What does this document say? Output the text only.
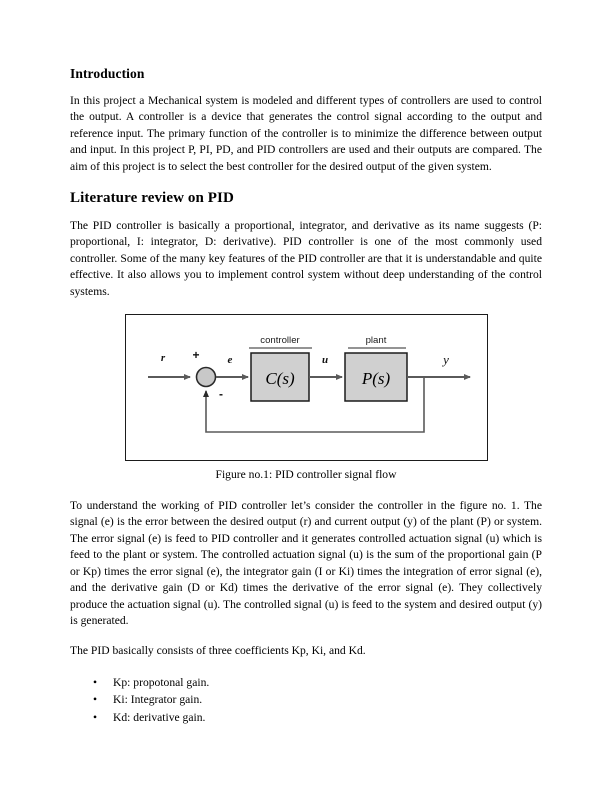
Introduction

In this project a Mechanical system is modeled and different types of controllers are used to control the output. A controller is a device that generates the control signal according to the output and reference input. The primary function of the controller is to minimize the difference between output and input. In this project P, PI, PD, and PID controllers are used and their outputs are compared. The aim of this project is to select the best controller for the desired output of the given system.

Literature review on PID

The PID controller is basically a proportional, integrator, and derivative as its name suggests (P: proportional, I: integrator, D: derivative). PID controller is one of the most commonly used controller. Some of the many key features of the PID controller are that it is understandable and quite effective. It also allows you to implement control system without deep understanding of the control systems.

C(s)
controller
P(s)
plant
r	e	u	y
+
-
Figure no.1: PID controller signal flow

To understand the working of PID controller let’s consider the controller in the figure no. 1. The signal (e) is the error between the desired output (r) and current output (y) of the plant (P) or system. The error signal (e) is feed to PID controller and it generates controlled actuation signal (u) which is feed to the plant or system. The controlled actuation signal (u) is the sum of the proportional gain (P or Kp) times the error signal (e), the integrator gain (I or Ki) times the integration of error signal (e), and the derivative gain (D or Kd) times the derivative of the error signal (e). They collectively produce the actuation signal (u). The controlled signal (u) is feed to the system and desired output (y) is generated.

The PID basically consists of three coefficients Kp, Ki, and Kd.

• Kp: propotonal gain.
• Ki: Integrator gain.
• Kd: derivative gain.
